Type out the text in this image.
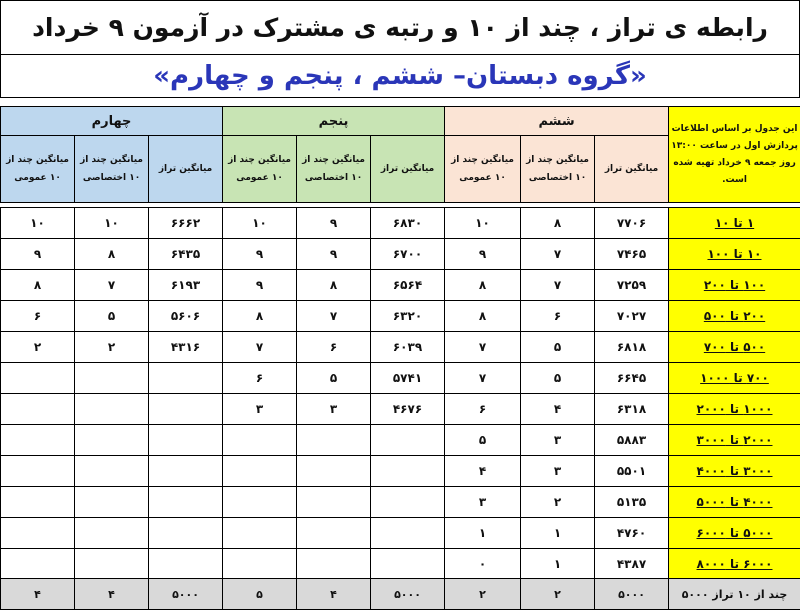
رابطه ی تراز ، چند از ۱۰ و رتبه ی مشترک در آزمون ۹ خرداد
«گروه دبستان– ششم ، پنجم و چهارم»
این جدول بر اساس اطلاعات پردازش اول در ساعت ۱۳:۰۰ روز جمعه ۹ خرداد تهیه شده است.	ششم			پنجم			چهارم		
	میانگین تراز	میانگین چند از ۱۰ اختصاصی	میانگین چند از ۱۰ عمومی	میانگین تراز	میانگین چند از ۱۰ اختصاصی	میانگین چند از ۱۰ عمومی	میانگین تراز	میانگین چند از ۱۰ اختصاصی	میانگین چند از ۱۰ عمومی
۱ تا ۱۰	۷۷۰۶	۸	۱۰	۶۸۳۰	۹	۱۰	۶۶۶۲	۱۰	۱۰
۱۰ تا ۱۰۰	۷۴۶۵	۷	۹	۶۷۰۰	۹	۹	۶۴۳۵	۸	۹
۱۰۰ تا ۲۰۰	۷۲۵۹	۷	۸	۶۵۶۴	۸	۹	۶۱۹۳	۷	۸
۲۰۰ تا ۵۰۰	۷۰۲۷	۶	۸	۶۳۲۰	۷	۸	۵۶۰۶	۵	۶
۵۰۰ تا ۷۰۰	۶۸۱۸	۵	۷	۶۰۳۹	۶	۷	۴۳۱۶	۲	۲
۷۰۰ تا ۱۰۰۰	۶۶۴۵	۵	۷	۵۷۴۱	۵	۶			
۱۰۰۰ تا ۲۰۰۰	۶۳۱۸	۴	۶	۴۶۷۶	۳	۳			
۲۰۰۰ تا ۳۰۰۰	۵۸۸۳	۳	۵						
۳۰۰۰ تا ۴۰۰۰	۵۵۰۱	۳	۴						
۴۰۰۰ تا ۵۰۰۰	۵۱۳۵	۲	۳						
۵۰۰۰ تا ۶۰۰۰	۴۷۶۰	۱	۱						
۶۰۰۰ تا ۸۰۰۰	۴۳۸۷	۱	۰						
چند از ۱۰ تراز ۵۰۰۰	۵۰۰۰	۲	۲	۵۰۰۰	۴	۵	۵۰۰۰	۴	۴
